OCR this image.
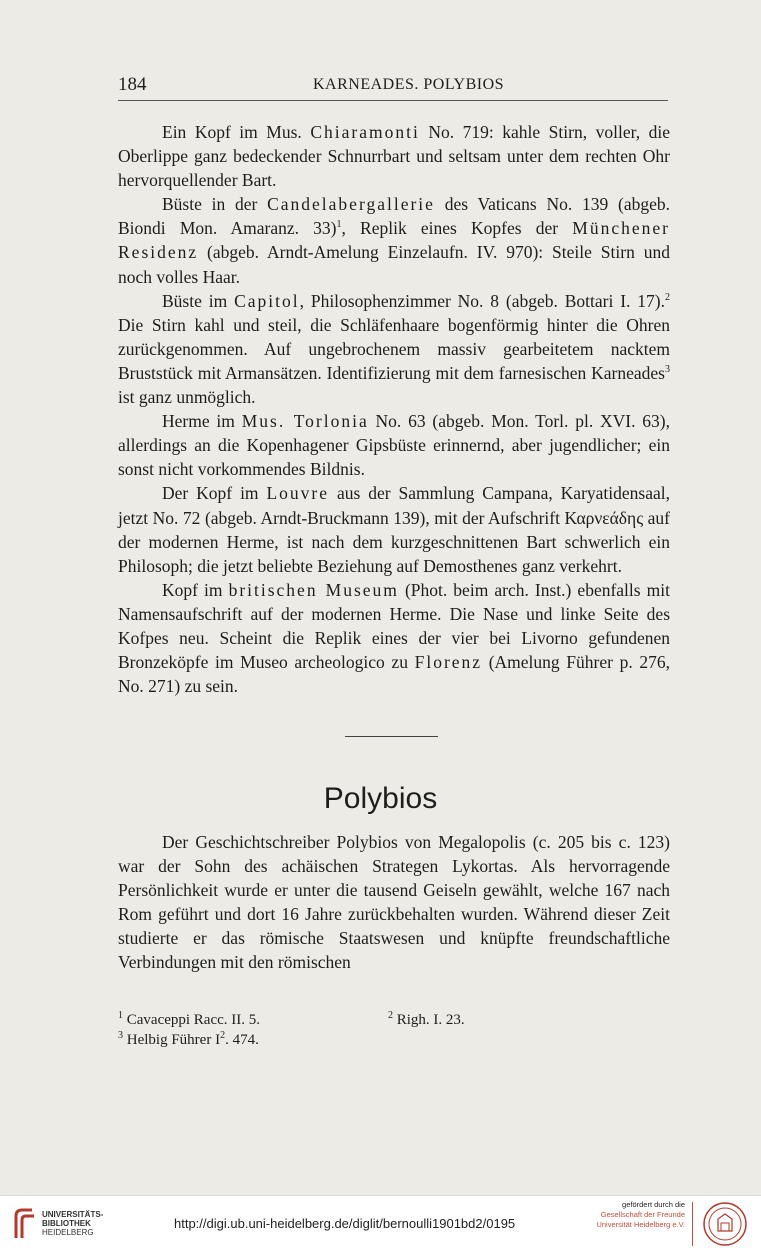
184	KARNEADES. POLYBIOS

Ein Kopf im Mus. Chiaramonti No. 719: kahle Stirn, voller, die Oberlippe ganz bedeckender Schnurrbart und seltsam unter dem rechten Ohr hervorquellender Bart.

Büste in der Candelabergallerie des Vaticans No. 139 (abgeb. Biondi Mon. Amaranz. 33)$^1$, Replik eines Kopfes der Münchener Residenz (abgeb. Arndt-Amelung Einzelaufn. IV. 970): Steile Stirn und noch volles Haar.

Büste im Capitol, Philosophenzimmer No. 8 (abgeb. Bottari I. 17).$^2$ Die Stirn kahl und steil, die Schläfenhaare bogenförmig hinter die Ohren zurückgenommen. Auf ungebrochenem massiv gearbeitetem nacktem Bruststück mit Armansätzen. Identifizierung mit dem farnesischen Karneades$^3$ ist ganz unmöglich.

Herme im Mus. Torlonia No. 63 (abgeb. Mon. Torl. pl. XVI. 63), allerdings an die Kopenhagener Gipsbüste erinnernd, aber jugendlicher; ein sonst nicht vorkommendes Bildnis.

Der Kopf im Louvre aus der Sammlung Campana, Karyatidensaal, jetzt No. 72 (abgeb. Arndt-Bruckmann 139), mit der Aufschrift Καρνεάδης auf der modernen Herme, ist nach dem kurzgeschnittenen Bart schwerlich ein Philosoph; die jetzt beliebte Beziehung auf Demosthenes ganz verkehrt.

Kopf im britischen Museum (Phot. beim arch. Inst.) ebenfalls mit Namensaufschrift auf der modernen Herme. Die Nase und linke Seite des Kofpes neu. Scheint die Replik eines der vier bei Livorno gefundenen Bronzeköpfe im Museo archeologico zu Florenz (Amelung Führer p. 276, No. 271) zu sein.

Polybios

Der Geschichtschreiber Polybios von Megalopolis (c. 205 bis c. 123) war der Sohn des achäischen Strategen Lykortas. Als hervorragende Persönlichkeit wurde er unter die tausend Geiseln gewählt, welche 167 nach Rom geführt und dort 16 Jahre zurückbehalten wurden. Während dieser Zeit studierte er das römische Staatswesen und knüpfte freundschaftliche Verbindungen mit den römischen

$^1$ Cavaceppi Racc. II. 5.	$^2$ Righ. I. 23.
$^3$ Helbig Führer $I^2$. 474.
UNIVERSITÄTS-
BIBLIOTHEK
HEIDELBERG
http://digi.ub.uni-heidelberg.de/diglit/bernoulli1901bd2/0195
gefördert durch die
Gesellschaft der Freunde
Universität Heidelberg e.V.
